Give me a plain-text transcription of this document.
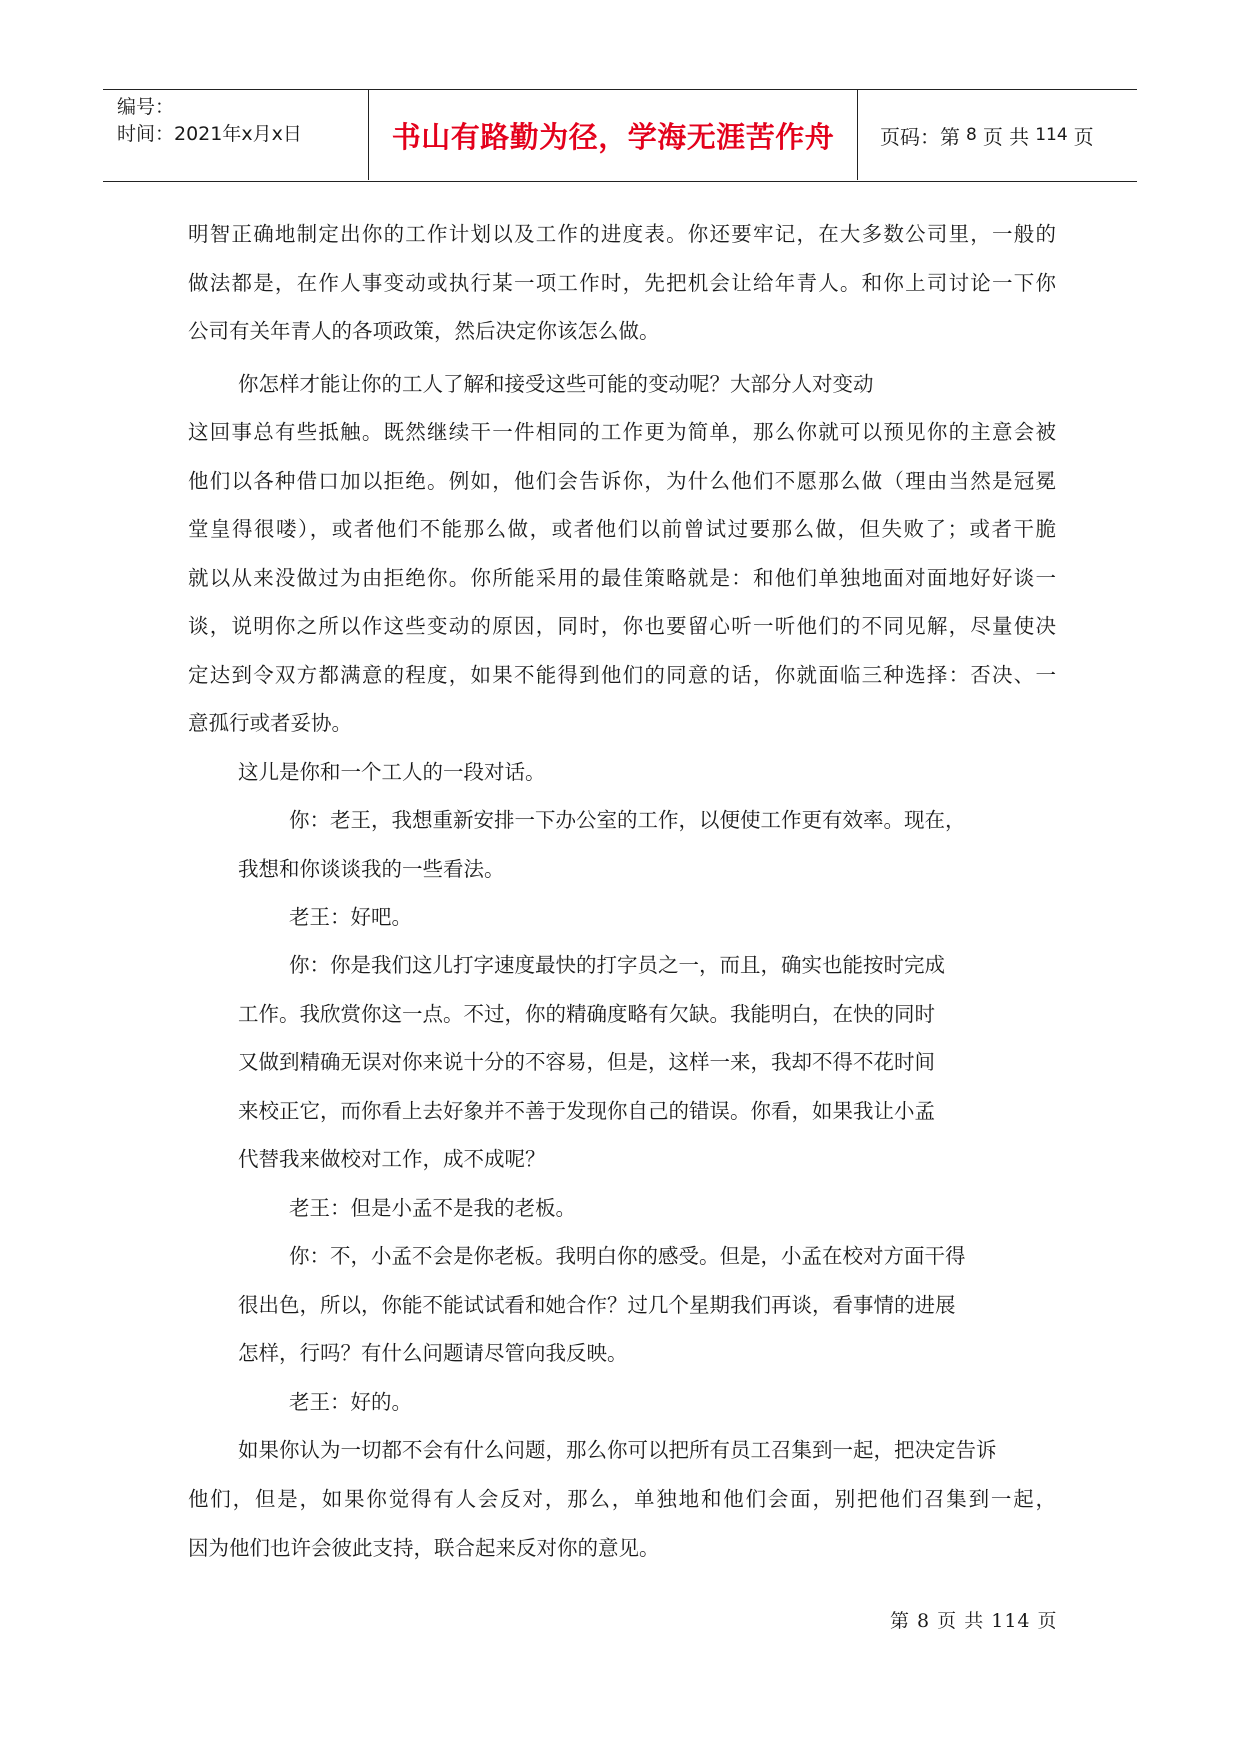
编号：
时间：2021年x月x日	书山有路勤为径，学海无涯苦作舟	页码：第 8 页 共 114 页
明智正确地制定出你的工作计划以及工作的进度表。你还要牢记，在大多数公司里，一般的
做法都是，在作人事变动或执行某一项工作时，先把机会让给年青人。和你上司讨论一下你
公司有关年青人的各项政策，然后决定你该怎么做。
你怎样才能让你的工人了解和接受这些可能的变动呢？大部分人对变动
这回事总有些抵触。既然继续干一件相同的工作更为简单，那么你就可以预见你的主意会被
他们以各种借口加以拒绝。例如，他们会告诉你，为什么他们不愿那么做（理由当然是冠冕
堂皇得很喽），或者他们不能那么做，或者他们以前曾试过要那么做，但失败了；或者干脆
就以从来没做过为由拒绝你。你所能采用的最佳策略就是：和他们单独地面对面地好好谈一
谈，说明你之所以作这些变动的原因，同时，你也要留心听一听他们的不同见解，尽量使决
定达到令双方都满意的程度，如果不能得到他们的同意的话，你就面临三种选择：否决、一
意孤行或者妥协。
这儿是你和一个工人的一段对话。
你：老王，我想重新安排一下办公室的工作，以便使工作更有效率。现在，
我想和你谈谈我的一些看法。
老王：好吧。
你：你是我们这儿打字速度最快的打字员之一，而且，确实也能按时完成
工作。我欣赏你这一点。不过，你的精确度略有欠缺。我能明白，在快的同时
又做到精确无误对你来说十分的不容易，但是，这样一来，我却不得不花时间
来校正它，而你看上去好象并不善于发现你自己的错误。你看，如果我让小孟
代替我来做校对工作，成不成呢？
老王：但是小孟不是我的老板。
你：不，小孟不会是你老板。我明白你的感受。但是，小孟在校对方面干得
很出色，所以，你能不能试试看和她合作？过几个星期我们再谈，看事情的进展
怎样，行吗？有什么问题请尽管向我反映。
老王：好的。
如果你认为一切都不会有什么问题，那么你可以把所有员工召集到一起，把决定告诉
他们，但是，如果你觉得有人会反对，那么，单独地和他们会面，别把他们召集到一起，
因为他们也许会彼此支持，联合起来反对你的意见。
第 8 页 共 114 页
